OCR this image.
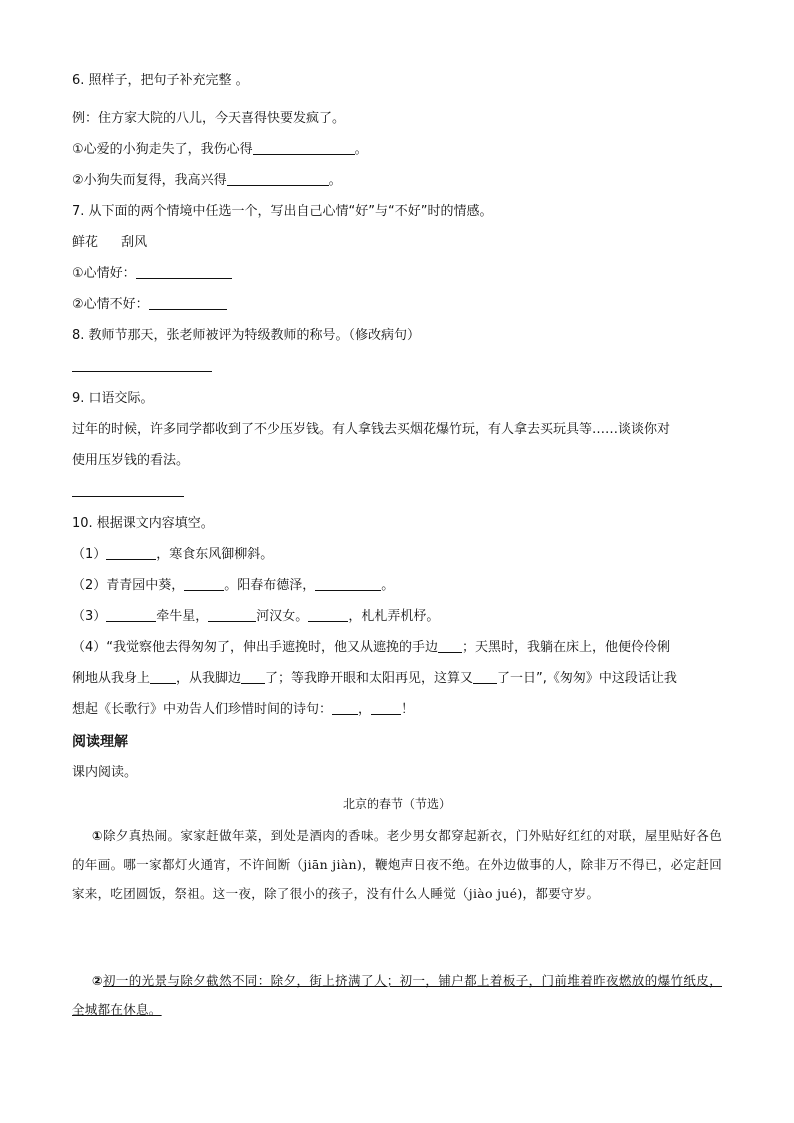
6. 照样子，把句子补充完整 。
例：住方家大院的八儿，今天喜得快要发疯了。
①心爱的小狗走失了，我伤心得	。
②小狗失而复得，我高兴得	。
7. 从下面的两个情境中任选一个，写出自己心情“好”与“不好”时的情感。
鲜花　 刮风
①心情好：
②心情不好：
8. 教师节那天，张老师被评为特级教师的称号。（修改病句）
9. 口语交际。
过年的时候，许多同学都收到了不少压岁钱。有人拿钱去买烟花爆竹玩，有人拿去买玩具等……谈谈你对
使用压岁钱的看法。
10. 根据课文内容填空。
（1）	，寒食东风御柳斜。
（2）青青园中葵，	。阳春布德泽，	。
（3）	牵牛星，	河汉女。	，札札弄机杼。
（4）“我觉察他去得匆匆了，伸出手遮挽时，他又从遮挽的手边 ；天黑时，我躺在床上，他便伶伶俐
俐地从我身上 ，从我脚边 了；等我睁开眼和太阳再见，这算又 了一日”,《匆匆》中这段话让我
想起《长歌行》中劝告人们珍惜时间的诗句： ， ！
阅读理解
课内阅读。
北京的春节（节选）
①除夕真热闹。家家赶做年菜，到处是酒肉的香味。老少男女都穿起新衣，门外贴好红红的对联，屋里贴好各色的年画。哪一家都灯火通宵，不许间断（jiān jiàn)，鞭炮声日夜不绝。在外边做事的人，除非万不得已，必定赶回家来，吃团圆饭，祭祖。这一夜，除了很小的孩子，没有什么人睡觉（jiào jué)，都要守岁。
②初一的光景与除夕截然不同：除夕，街上挤满了人；初一，铺户都上着板子，门前堆着昨夜燃放的爆竹纸皮，全城都在休息。
